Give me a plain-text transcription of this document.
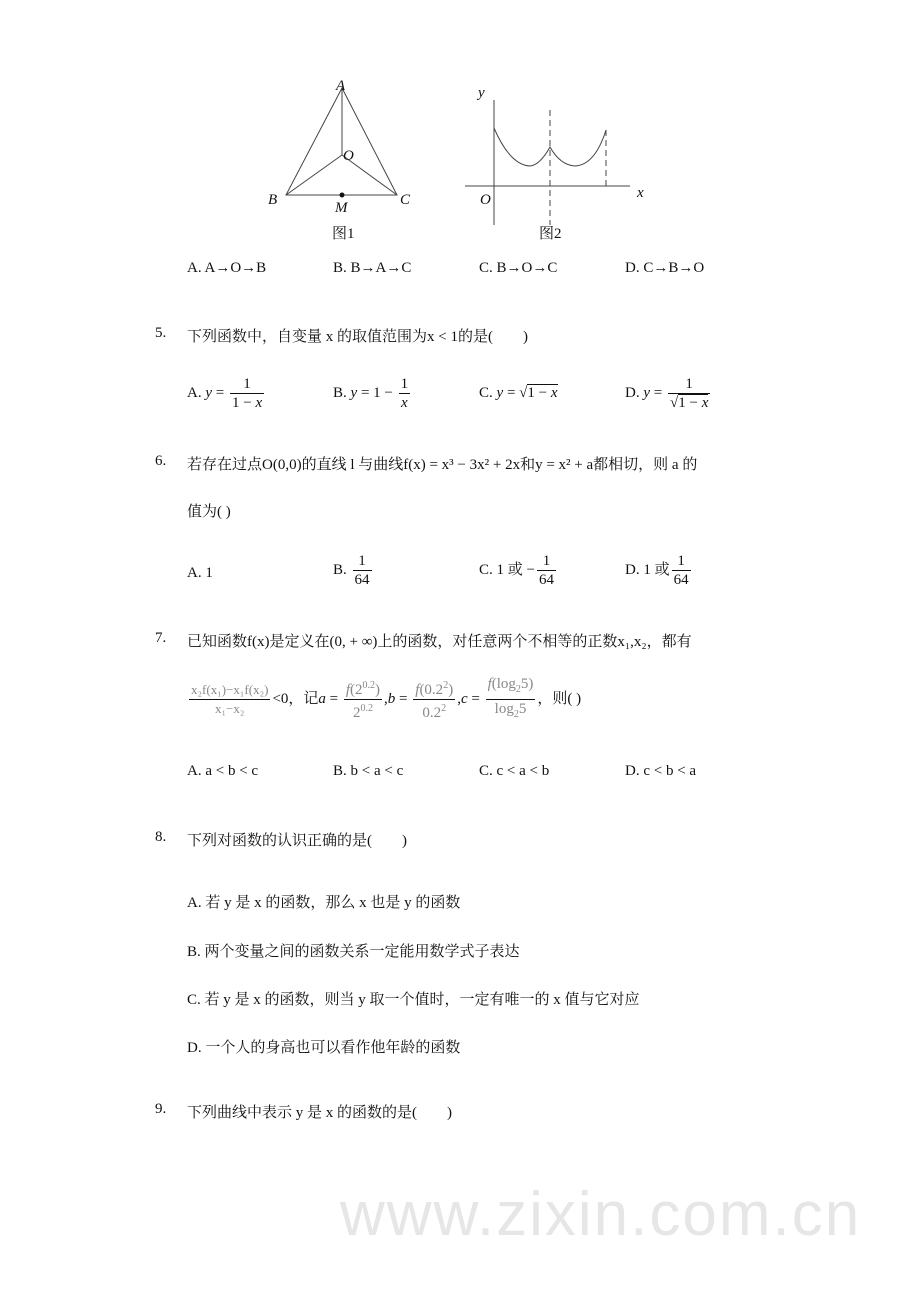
www.zixin.com.cn
A
O
B	M	C
图1
y
x
O
图2
A. A→O→B	B. B→A→C	C. B→O→C	D. C→B→O
5. 下列函数中，自变量 x 的取值范围为x < 1的是(　　)
A. $y = \frac{1}{1 - x}$	B. $y = 1 - \frac{1}{x}$	C. y = √1 − x	D. $y = \frac{1}{√1 - x}$
6. 若存在过点O(0,0)的直线 l 与曲线f(x) = x³ − 3x² + 2x和y = x² + a都相切，则 a 的
值为( )
A. 1	B. $\frac{1}{64}$	C. 1 或 − $\frac{1}{64}$	D. 1 或 $\frac{1}{64}$
7. 已知函数f(x)是定义在(0, + ∞)上的函数，对任意两个不相等的正数x₁,x₂，都有
$\frac{\text{x₂f(x₁)−x₁f(x₂)}}{\text{x₁−x₂}} <0$，记$a = \frac{f(2^{0.2})}{2^{0.2}} ,b = \frac{f(0.2^2)}{0.2^2} ,c = \frac{f(\log_25)}{\log_25}$ ，则( )
A. a < b < c	B. b < a < c	C. c < a < b	D. c < b < a
8. 下列对函数的认识正确的是(　　)
A. 若 y 是 x 的函数，那么 x 也是 y 的函数
B. 两个变量之间的函数关系一定能用数学式子表达
C. 若 y 是 x 的函数，则当 y 取一个值时，一定有唯一的 x 值与它对应
D. 一个人的身高也可以看作他年龄的函数
9. 下列曲线中表示 y 是 x 的函数的是(　　)
